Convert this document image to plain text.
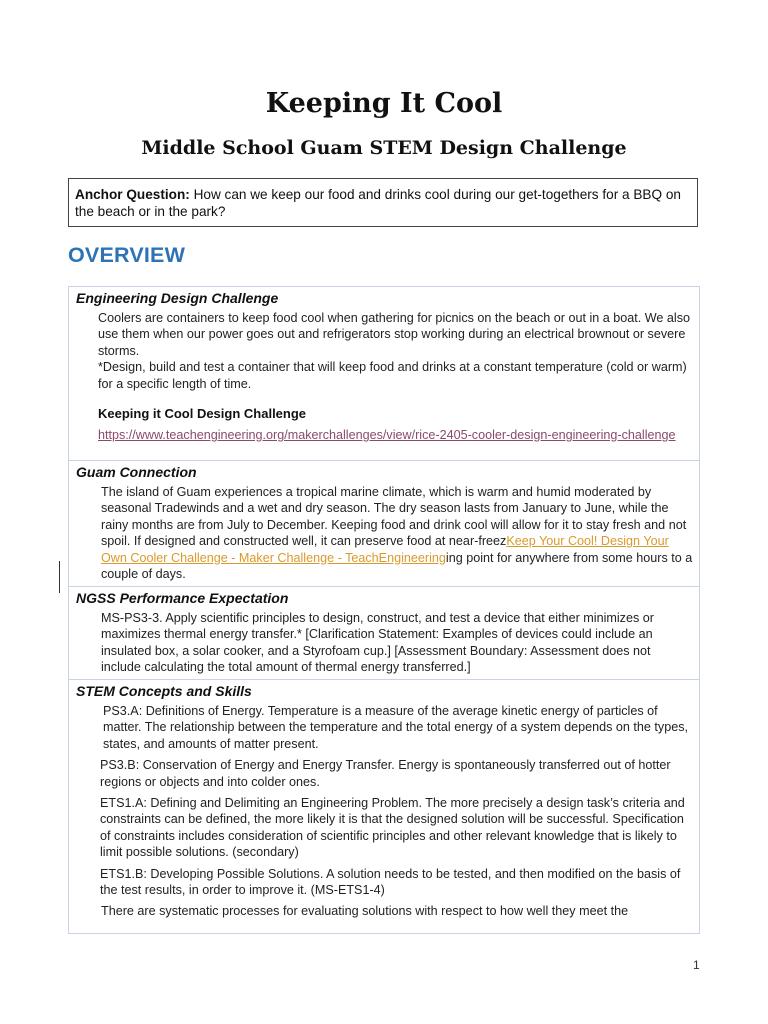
Keeping It Cool
Middle School Guam STEM Design Challenge
Anchor Question: How can we keep our food and drinks cool during our get-togethers for a BBQ on the beach or in the park?
OVERVIEW
Engineering Design Challenge

Coolers are containers to keep food cool when gathering for picnics on the beach or out in a boat. We also use them when our power goes out and refrigerators stop working during an electrical brownout or severe storms.

*Design, build and test a container that will keep food and drinks at a constant temperature (cold or warm) for a specific length of time.

Keeping it Cool Design Challenge

https://www.teachengineering.org/makerchallenges/view/rice-2405-cooler-design-engineering-challenge

Guam Connection

The island of Guam experiences a tropical marine climate, which is warm and humid moderated by seasonal Tradewinds and a wet and dry season. The dry season lasts from January to June, while the rainy months are from July to December. Keeping food and drink cool will allow for it to stay fresh and not spoil. If designed and constructed well, it can preserve food at near-freezKeep Your Cool! Design Your Own Cooler Challenge - Maker Challenge - TeachEngineeringing point for anywhere from some hours to a couple of days.

NGSS Performance Expectation

MS-PS3-3. Apply scientific principles to design, construct, and test a device that either minimizes or maximizes thermal energy transfer.* [Clarification Statement: Examples of devices could include an insulated box, a solar cooker, and a Styrofoam cup.] [Assessment Boundary: Assessment does not include calculating the total amount of thermal energy transferred.]

STEM Concepts and Skills

PS3.A: Definitions of Energy. Temperature is a measure of the average kinetic energy of particles of matter. The relationship between the temperature and the total energy of a system depends on the types, states, and amounts of matter present.

PS3.B: Conservation of Energy and Energy Transfer. Energy is spontaneously transferred out of hotter regions or objects and into colder ones.

ETS1.A: Defining and Delimiting an Engineering Problem. The more precisely a design task’s criteria and constraints can be defined, the more likely it is that the designed solution will be successful. Specification of constraints includes consideration of scientific principles and other relevant knowledge that is likely to limit possible solutions. (secondary)

ETS1.B: Developing Possible Solutions. A solution needs to be tested, and then modified on the basis of the test results, in order to improve it. (MS-ETS1-4)

There are systematic processes for evaluating solutions with respect to how well they meet the

1
